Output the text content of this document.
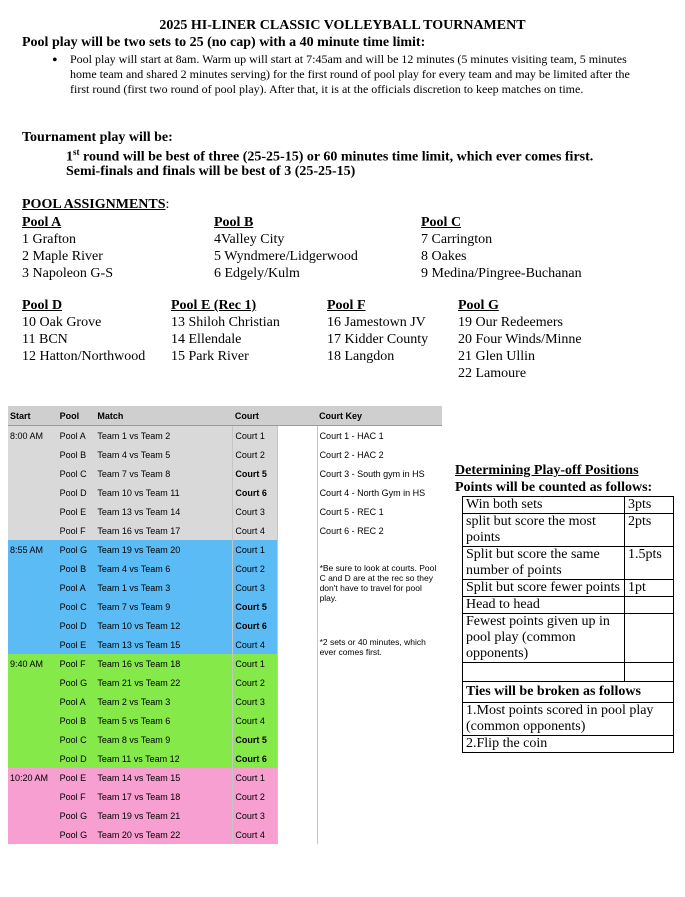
2025 HI-LINER CLASSIC VOLLEYBALL TOURNAMENT
Pool play will be two sets to 25 (no cap) with a 40 minute time limit:
• Pool play will start at 8am. Warm up will start at 7:45am and will be 12 minutes (5 minutes visiting team, 5 minutes home team and shared 2 minutes serving) for the first round of pool play for every team and may be limited after the first round (first two round of pool play). After that, it is at the officials discretion to keep matches on time.
Tournament play will be:
1st round will be best of three (25-25-15) or 60 minutes time limit, which ever comes first.
Semi-finals and finals will be best of 3 (25-25-15)
POOL ASSIGNMENTS:
Pool A
1 Grafton
2 Maple River
3 Napoleon G-S
Pool B
4Valley City
5 Wyndmere/Lidgerwood
6 Edgely/Kulm
Pool C
7 Carrington
8 Oakes
9 Medina/Pingree-Buchanan
Pool D
10 Oak Grove
11 BCN
12 Hatton/Northwood
Pool E (Rec 1)
13 Shiloh Christian
14 Ellendale
15 Park River
Pool F
16 Jamestown JV
17 Kidder County
18 Langdon
Pool G
19 Our Redeemers
20 Four Winds/Minne
21 Glen Ullin
22 Lamoure
Start	Pool	Match	Court		Court Key
8:00 AM	Pool A	Team 1 vs Team 2	Court 1		Court 1 - HAC 1
	Pool B	Team 4 vs Team 5	Court 2		Court 2 - HAC 2
	Pool C	Team 7 vs Team 8	Court 5		Court 3 - South gym in HS
	Pool D	Team 10 vs Team 11	Court 6		Court 4 - North Gym in HS
	Pool E	Team 13 vs Team 14	Court 3		Court 5 - REC 1
	Pool F	Team 16 vs Team 17	Court 4		Court 6 - REC 2
8:55 AM	Pool G	Team 19 vs Team 20	Court 1		
	Pool B	Team 4 vs Team 6	Court 2		*Be sure to look at courts. Pool C and D are at the rec so they don't have to travel for pool play.
	Pool A	Team 1 vs Team 3	Court 3		
	Pool C	Team 7 vs Team 9	Court 5		
	Pool D	Team 10 vs Team 12	Court 6		
	Pool E	Team 13 vs Team 15	Court 4		*2 sets or 40 minutes, which ever comes first.
9:40 AM	Pool F	Team 16 vs Team 18	Court 1		
	Pool G	Team 21 vs Team 22	Court 2		
	Pool A	Team 2 vs Team 3	Court 3		
	Pool B	Team 5 vs Team 6	Court 4		
	Pool C	Team 8 vs Team 9	Court 5		
	Pool D	Team 11 vs Team 12	Court 6		
10:20 AM	Pool E	Team 14 vs Team 15	Court 1		
	Pool F	Team 17 vs Team 18	Court 2		
	Pool G	Team 19 vs Team 21	Court 3		
	Pool G	Team 20 vs Team 22	Court 4		
Determining Play-off Positions
Points will be counted as follows:
Win both sets	3pts
split but score the most points	2pts
Split but score the same number of points	1.5pts
Split but score fewer points	1pt
Head to head	
Fewest points given up in pool play (common opponents)	

Ties will be broken as follows	
1.Most points scored in pool play (common opponents)	
2.Flip the coin	
